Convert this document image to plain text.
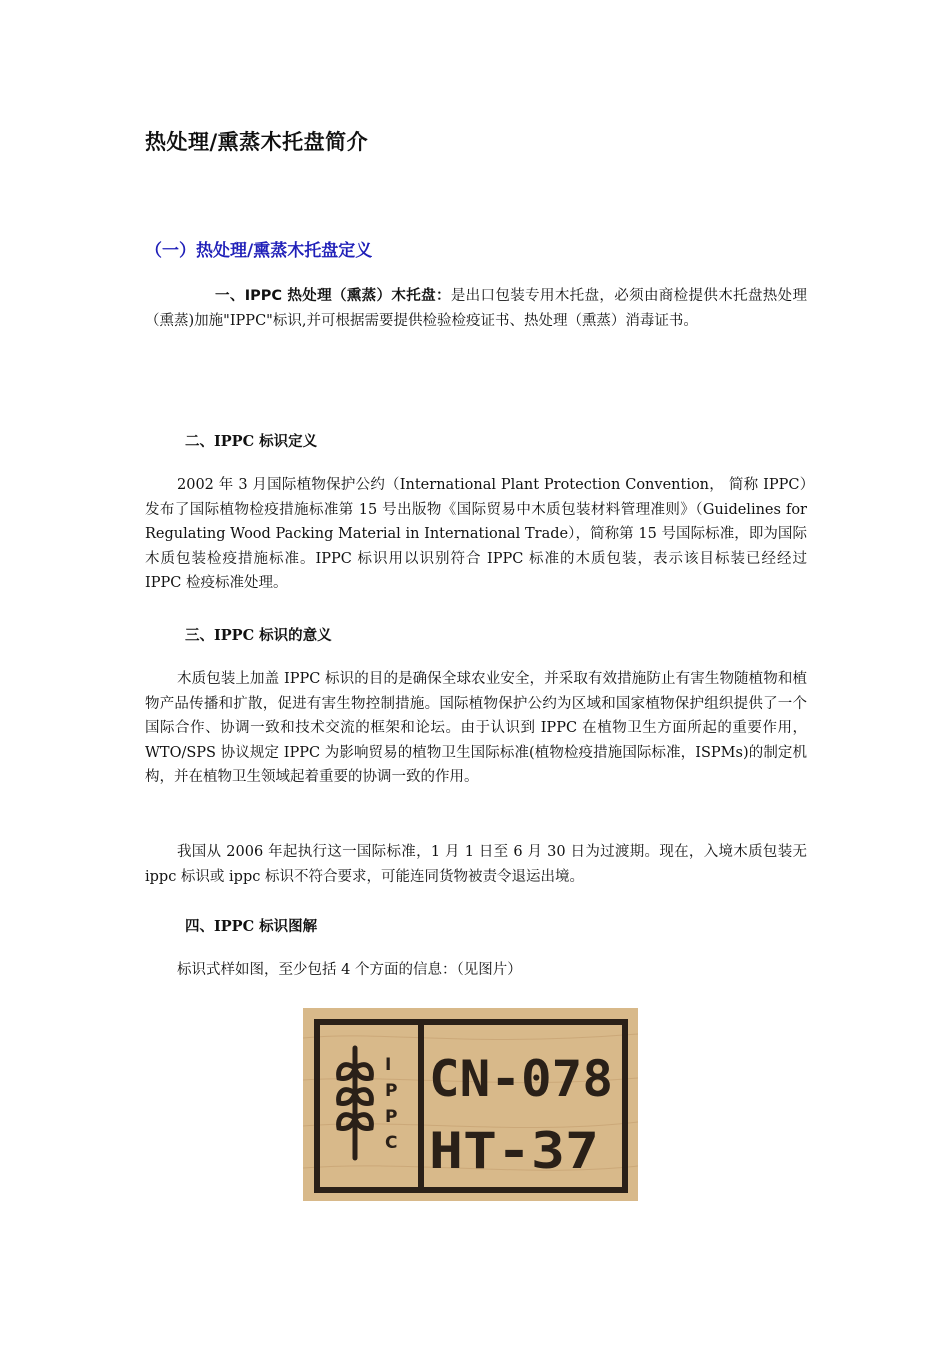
热处理/熏蒸木托盘简介
（一）热处理/熏蒸木托盘定义

一、IPPC 热处理（熏蒸）木托盘：是出口包装专用木托盘，必须由商检提供木托盘热处理（熏蒸)加施"IPPC"标识,并可根据需要提供检验检疫证书、热处理（熏蒸）消毒证书。

二、IPPC 标识定义

2002 年 3 月国际植物保护公约（International Plant Protection Convention， 简称 IPPC）发布了国际植物检疫措施标准第 15 号出版物《国际贸易中木质包装材料管理准则》（Guidelines for Regulating Wood Packing Material in International Trade），简称第 15 号国际标准，即为国际木质包装检疫措施标准。IPPC 标识用以识别符合 IPPC 标准的木质包装，表示该目标装已经经过 IPPC 检疫标准处理。

三、IPPC 标识的意义

木质包装上加盖 IPPC 标识的目的是确保全球农业安全，并采取有效措施防止有害生物随植物和植物产品传播和扩散，促进有害生物控制措施。国际植物保护公约为区域和国家植物保护组织提供了一个国际合作、协调一致和技术交流的框架和论坛。由于认识到 IPPC 在植物卫生方面所起的重要作用，WTO/SPS 协议规定 IPPC 为影响贸易的植物卫生国际标准(植物检疫措施国际标准，ISPMs)的制定机构，并在植物卫生领域起着重要的协调一致的作用。

我国从 2006 年起执行这一国际标准，1 月 1 日至 6 月 30 日为过渡期。现在，入境木质包装无 ippc 标识或 ippc 标识不符合要求，可能连同货物被责令退运出境。

四、IPPC 标识图解

标识式样如图，至少包括 4 个方面的信息：（见图片）

I
P
P
C
CN-078
HT-37
